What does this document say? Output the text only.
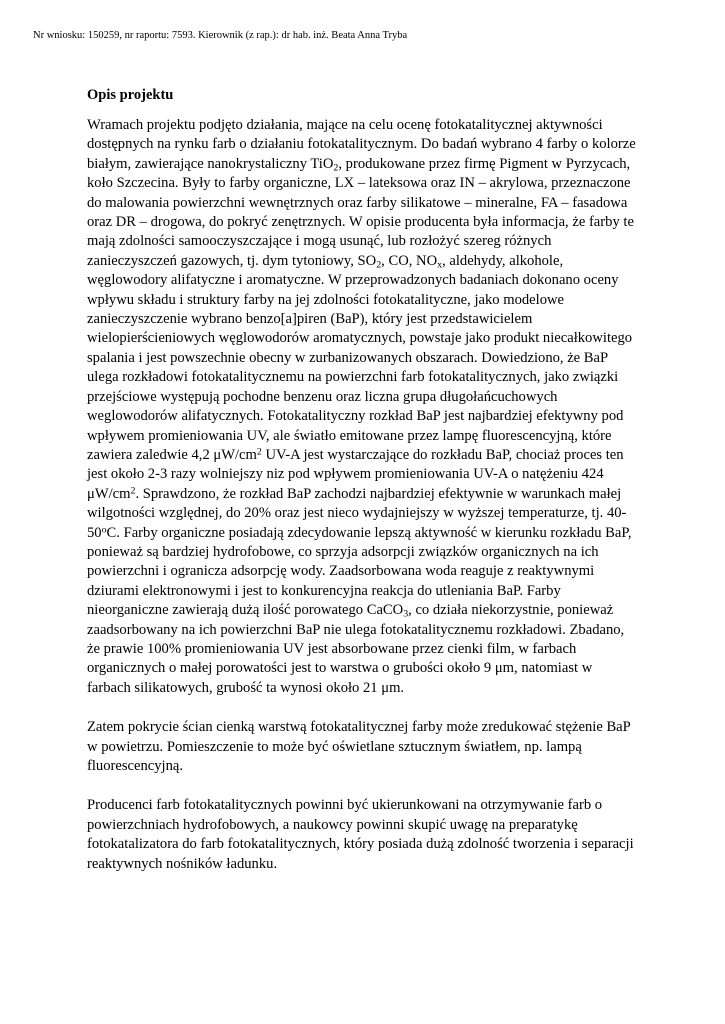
Nr wniosku: 150259, nr raportu: 7593. Kierownik (z rap.): dr hab. inż. Beata Anna Tryba
Opis projektu

Wramach projektu podjęto działania, mające na celu ocenę fotokatalitycznej aktywności
dostępnych na rynku farb o działaniu fotokatalitycznym. Do badań wybrano 4 farby o kolorze
białym, zawierające nanokrystaliczny TiO$_2$, produkowane przez firmę Pigment w Pyrzycach,
koło Szczecina. Były to farby organiczne, LX – lateksowa oraz IN – akrylowa, przeznaczone
do malowania powierzchni wewnętrznych oraz farby silikatowe – mineralne, FA – fasadowa
oraz DR – drogowa, do pokryć zenętrznych. W opisie producenta była informacja, że farby te
mają zdolności samooczyszczające i mogą usunąć, lub rozłożyć szereg różnych
zanieczyszczeń gazowych, tj. dym tytoniowy, $SO_2$, CO, $NO_x$, aldehydy, alkohole,
węglowodory alifatyczne i aromatyczne. W przeprowadzonych badaniach dokonano oceny
wpływu składu i struktury farby na jej zdolności fotokatalityczne, jako modelowe
zanieczyszczenie wybrano benzo[a]piren (BaP), który jest przedstawicielem
wielopierścieniowych węglowodorów aromatycznych, powstaje jako produkt niecałkowitego
spalania i jest powszechnie obecny w zurbanizowanych obszarach. Dowiedziono, że BaP
ulega rozkładowi fotokatalitycznemu na powierzchni farb fotokatalitycznych, jako związki
przejściowe występują pochodne benzenu oraz liczna grupa długołańcuchowych
weglowodorów alifatycznych. Fotokatalityczny rozkład BaP jest najbardziej efektywny pod
wpływem promieniowania UV, ale światło emitowane przez lampę fluorescencyjną, które
zawiera zaledwie 4,2 $\mu W/cm^2$ UV-A jest wystarczające do rozkładu BaP, chociaż proces ten
jest około 2-3 razy wolniejszy niz pod wpływem promieniowania UV-A o natężeniu 424
$\mu W/cm^2$. Sprawdzono, że rozkład BaP zachodzi najbardziej efektywnie w warunkach małej
wilgotności względnej, do 20% oraz jest nieco wydajniejszy w wyższej temperaturze, tj. 40-
50$^o$C. Farby organiczne posiadają zdecydowanie lepszą aktywność w kierunku rozkładu BaP,
ponieważ są bardziej hydrofobowe, co sprzyja adsorpcji związków organicznych na ich
powierzchni i ogranicza adsorpcję wody. Zaadsorbowana woda reaguje z reaktywnymi
dziurami elektronowymi i jest to konkurencyjna reakcja do utleniania BaP. Farby
nieorganiczne zawierają dużą ilość porowatego CaCO$_3$, co działa niekorzystnie, ponieważ
zaadsorbowany na ich powierzchni BaP nie ulega fotokatalitycznemu rozkładowi. Zbadano,
że prawie 100% promieniowania UV jest absorbowane przez cienki film, w farbach
organicznych o małej porowatości jest to warstwa o grubości około 9 μm, natomiast w
farbach silikatowych, grubość ta wynosi około 21 μm.

Zatem pokrycie ścian cienką warstwą fotokatalitycznej farby może zredukować stężenie BaP
w powietrzu. Pomieszczenie to może być oświetlane sztucznym światłem, np. lampą
fluorescencyjną.

Producenci farb fotokatalitycznych powinni być ukierunkowani na otrzymywanie farb o
powierzchniach hydrofobowych, a naukowcy powinni skupić uwagę na preparatykę
fotokatalizatora do farb fotokatalitycznych, który posiada dużą zdolność tworzenia i separacji
reaktywnych nośników ładunku.
